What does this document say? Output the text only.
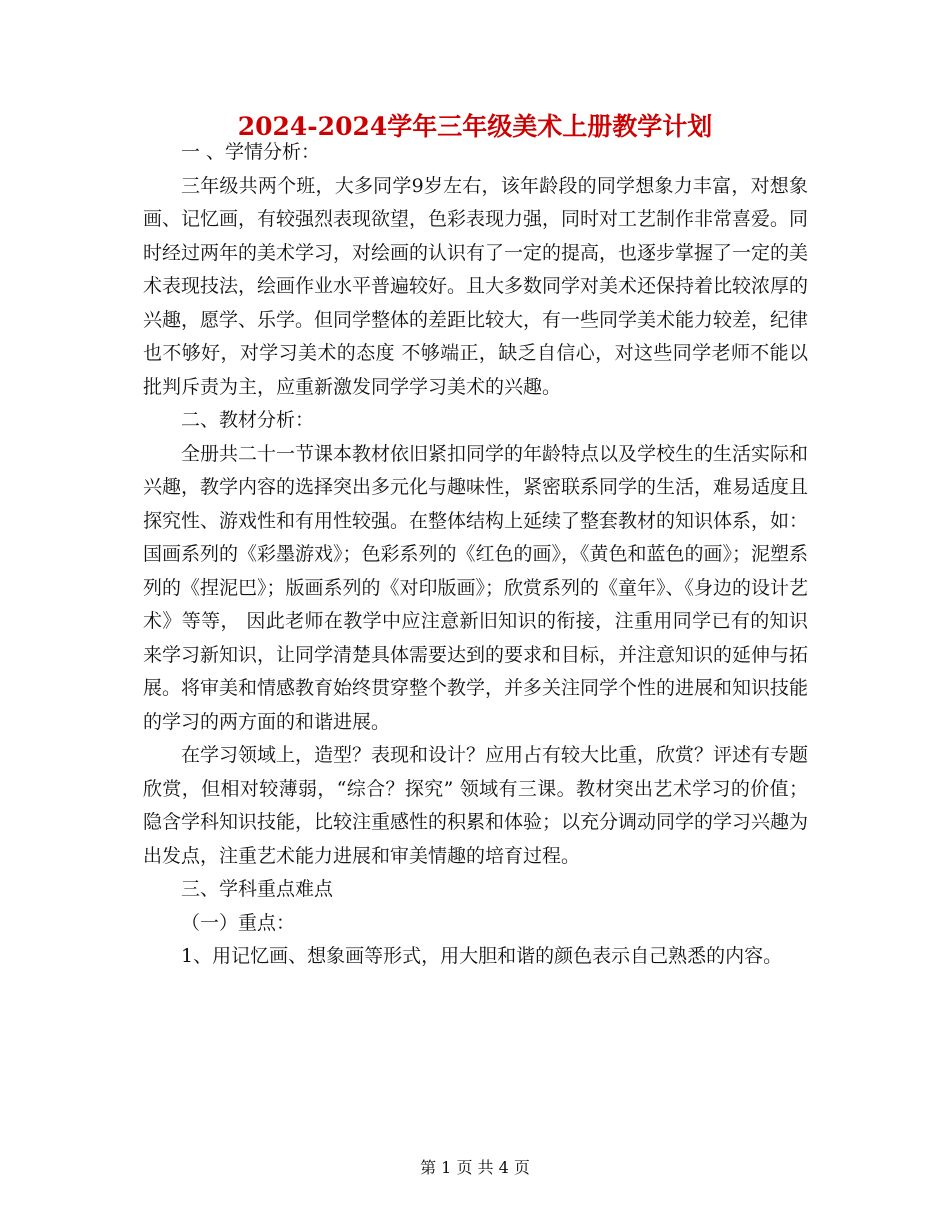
2024-2024学年三年级美术上册教学计划

一 、学情分析：

三年级共两个班，大多同学9岁左右，该年龄段的同学想象力丰富，对想象画、记忆画，有较强烈表现欲望，色彩表现力强，同时对工艺制作非常喜爱。同时经过两年的美术学习，对绘画的认识有了一定的提高，也逐步掌握了一定的美术表现技法，绘画作业水平普遍较好。且大多数同学对美术还保持着比较浓厚的兴趣，愿学、乐学。但同学整体的差距比较大，有一些同学美术能力较差，纪律也不够好，对学习美术的态度 不够端正，缺乏自信心，对这些同学老师不能以批判斥责为主，应重新激发同学学习美术的兴趣。

二、教材分析：

全册共二十一节课本教材依旧紧扣同学的年龄特点以及学校生的生活实际和兴趣，教学内容的选择突出多元化与趣味性，紧密联系同学的生活，难易适度且探究性、游戏性和有用性较强。在整体结构上延续了整套教材的知识体系，如：国画系列的《彩墨游戏》；色彩系列的《红色的画》，《黄色和蓝色的画》；泥塑系列的《捏泥巴》；版画系列的《对印版画》；欣赏系列的《童年》、《身边的设计艺术》等等， 因此老师在教学中应注意新旧知识的衔接，注重用同学已有的知识来学习新知识，让同学清楚具体需要达到的要求和目标，并注意知识的延伸与拓展。将审美和情感教育始终贯穿整个教学，并多关注同学个性的进展和知识技能的学习的两方面的和谐进展。

在学习领域上，造型？表现和设计？应用占有较大比重，欣赏？评述有专题欣赏，但相对较薄弱，“综合？探究” 领域有三课。教材突出艺术学习的价值；隐含学科知识技能，比较注重感性的积累和体验；以充分调动同学的学习兴趣为出发点，注重艺术能力进展和审美情趣的培育过程。

三、学科重点难点

（一）重点：

1、用记忆画、想象画等形式，用大胆和谐的颜色表示自己熟悉的内容。

第 1 页 共 4 页
